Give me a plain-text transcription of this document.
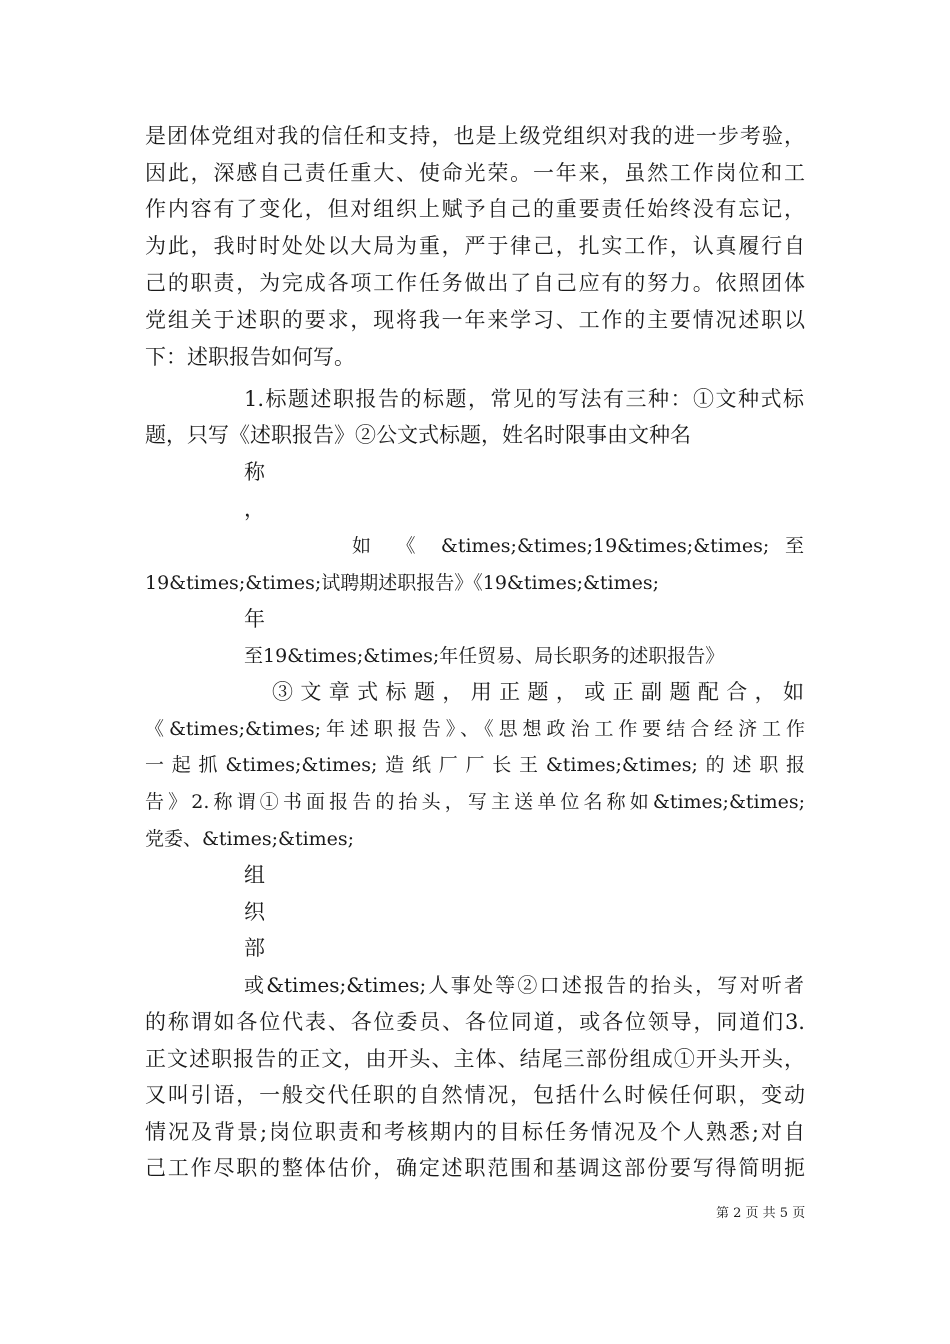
是团体党组对我的信任和支持，也是上级党组织对我的进一步考验，
因此，深感自己责任重大、使命光荣。一年来，虽然工作岗位和工
作内容有了变化，但对组织上赋予自己的重要责任始终没有忘记，
为此，我时时处处以大局为重，严于律己，扎实工作，认真履行自
己的职责，为完成各项工作任务做出了自己应有的努力。依照团体
党组关于述职的要求，现将我一年来学习、工作的主要情况述职以
下：述职报告如何写。
1.标题述职报告的标题，常见的写法有三种：①文种式标
题，只写《述职报告》②公文式标题，姓名时限事由文种名
称
，
如 《 &times;&times;19&times;&times; 至
19&times;&times;试聘期述职报告》《19&times;&times;
年
至19&times;&times;年任贸易、局长职务的述职报告》
③ 文 章 式 标 题 ， 用 正 题 ， 或 正 副 题 配 合 ， 如
《&times;&times;年述职报告》、《思想政治工作要结合经济工作
一起抓&times;&times;造纸厂厂长王&times;&times;的述职报
告》2.称谓①书面报告的抬头，写主送单位名称如&times;&times;
党委、&times;&times;
组
织
部
或&times;&times;人事处等②口述报告的抬头，写对听者
的称谓如各位代表、各位委员、各位同道，或各位领导，同道们3.
正文述职报告的正文，由开头、主体、结尾三部份组成①开头开头，
又叫引语，一般交代任职的自然情况，包括什么时候任何职，变动
情况及背景;岗位职责和考核期内的目标任务情况及个人熟悉;对自
己工作尽职的整体估价，确定述职范围和基调这部份要写得简明扼
第 2 页 共 5 页
